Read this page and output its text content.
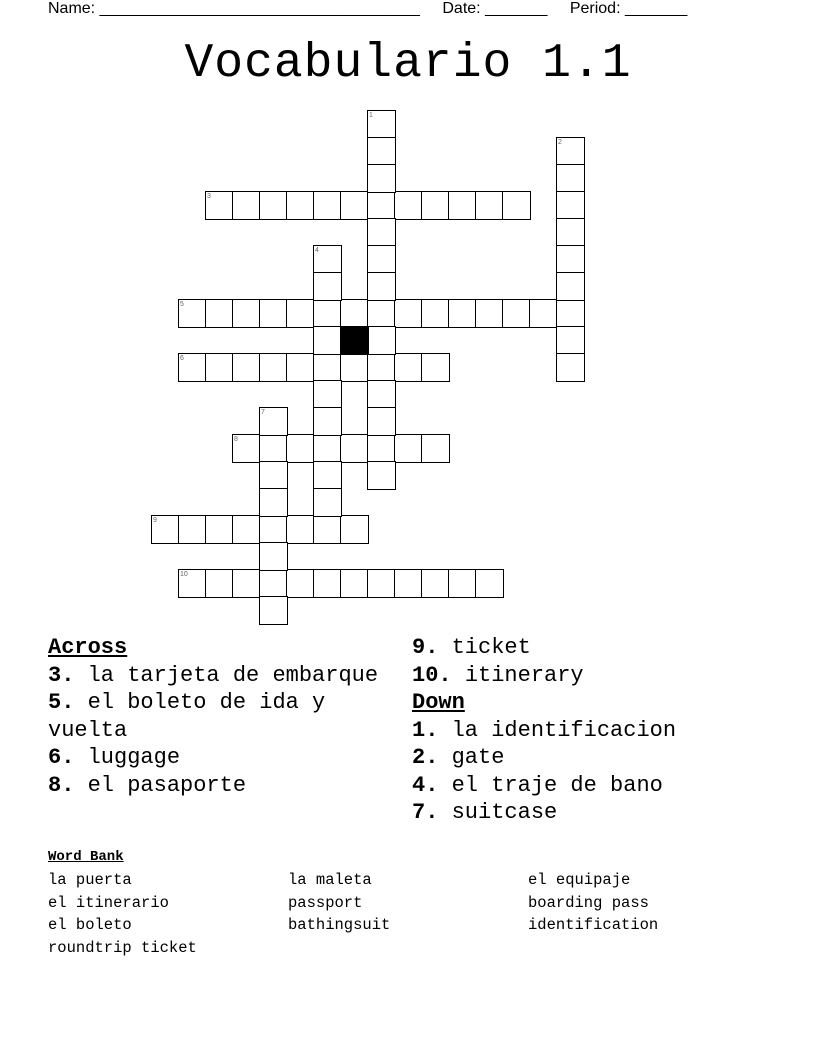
Name: ____________________________________ Date: _______ Period: _______
Vocabulario 1.1
1
2
3
4
5
6
7
8
9
10
Across
3. la tarjeta de embarque
5. el boleto de ida y vuelta
6. luggage
8. el pasaporte
9. ticket
10. itinerary
Down
1. la identificacion
2. gate
4. el traje de bano
7. suitcase
Word Bank
la puerta	la maleta	el equipaje
el itinerario	passport	boarding pass
el boleto	bathingsuit	identification
roundtrip ticket
